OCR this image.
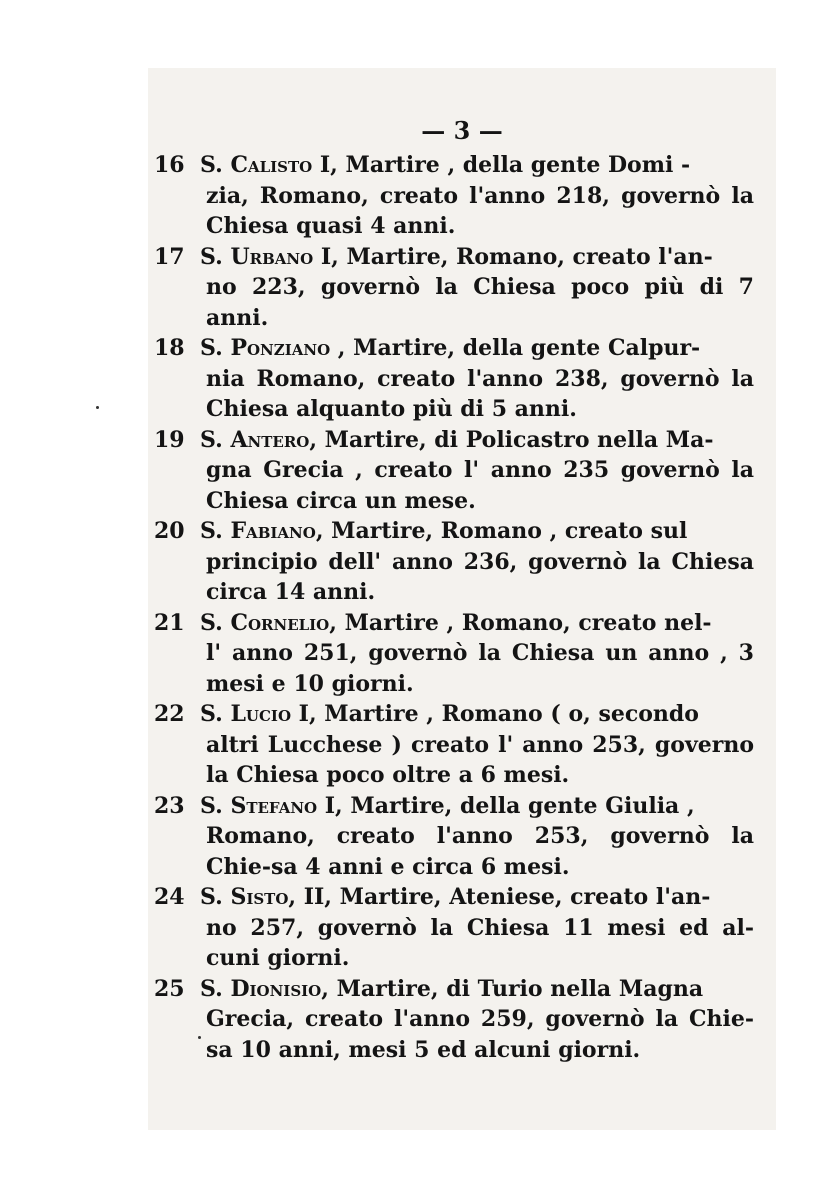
— 3 —
16 S. Calisto I, Martire , della gente Domi -
zia, Romano, creato l'anno 218, governò la Chiesa quasi 4 anni.
17 S. Urbano I, Martire, Romano, creato l'an-
no 223, governò la Chiesa poco più di 7 anni.
18 S. Ponziano , Martire, della gente Calpur-
nia Romano, creato l'anno 238, governò la Chiesa alquanto più di 5 anni.
19 S. Antero, Martire, di Policastro nella Ma-
gna Grecia , creato l' anno 235 governò la Chiesa circa un mese.
20 S. Fabiano, Martire, Romano , creato sul
principio dell' anno 236, governò la Chiesa circa 14 anni.
21 S. Cornelio, Martire , Romano, creato nel-
l' anno 251, governò la Chiesa un anno , 3 mesi e 10 giorni.
22 S. Lucio I, Martire , Romano ( o, secondo
altri Lucchese ) creato l' anno 253, governo la Chiesa poco oltre a 6 mesi.
23 S. Stefano I, Martire, della gente Giulia ,
Romano, creato l'anno 253, governò la Chie-sa 4 anni e circa 6 mesi.
24 S. Sisto, II, Martire, Ateniese, creato l'an-
no 257, governò la Chiesa 11 mesi ed al-cuni giorni.
25 S. Dionisio, Martire, di Turio nella Magna
Grecia, creato l'anno 259, governò la Chie-sa 10 anni, mesi 5 ed alcuni giorni.
